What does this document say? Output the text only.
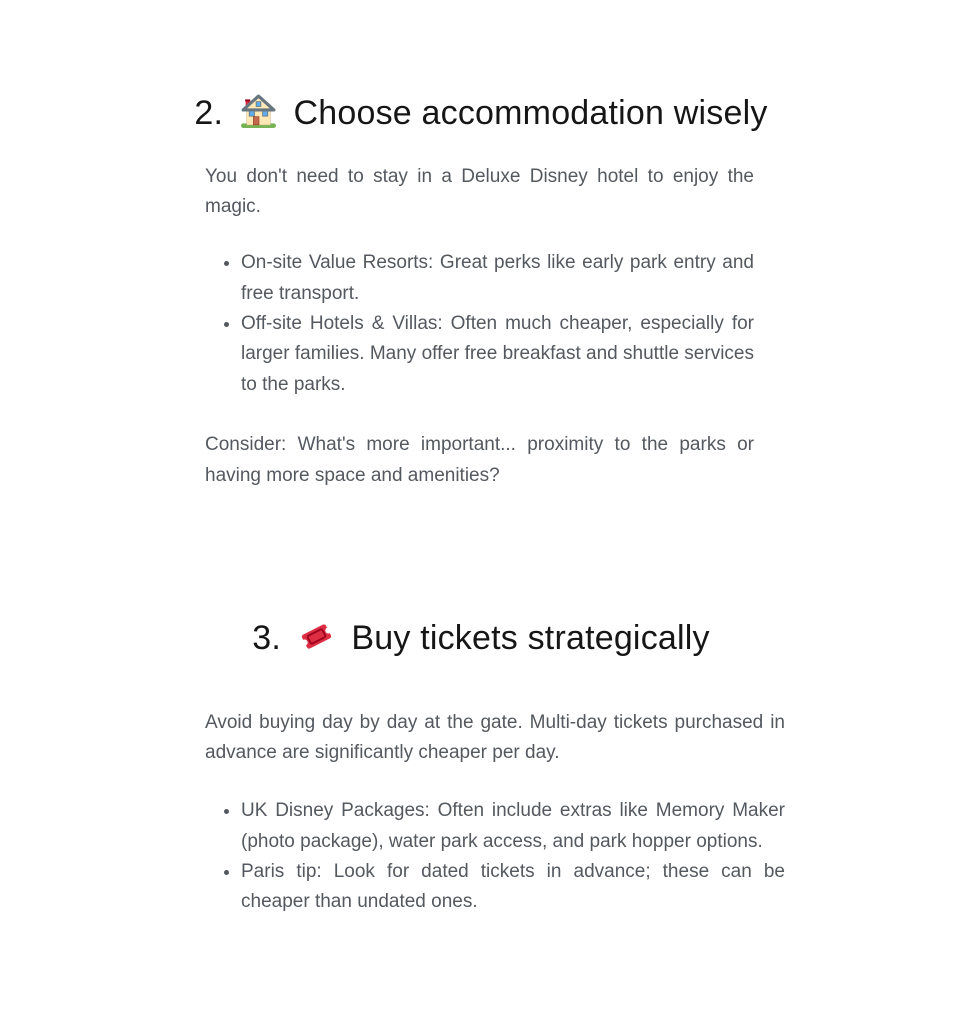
2. Choose accommodation wisely

You don't need to stay in a Deluxe Disney hotel to enjoy the magic.

• On-site Value Resorts: Great perks like early park entry and free transport.
• Off-site Hotels & Villas: Often much cheaper, especially for larger families. Many offer free breakfast and shuttle services to the parks.

Consider: What's more important... proximity to the parks or having more space and amenities?

3. Buy tickets strategically

Avoid buying day by day at the gate. Multi-day tickets purchased in advance are significantly cheaper per day.

• UK Disney Packages: Often include extras like Memory Maker (photo package), water park access, and park hopper options.
• Paris tip: Look for dated tickets in advance; these can be cheaper than undated ones.
